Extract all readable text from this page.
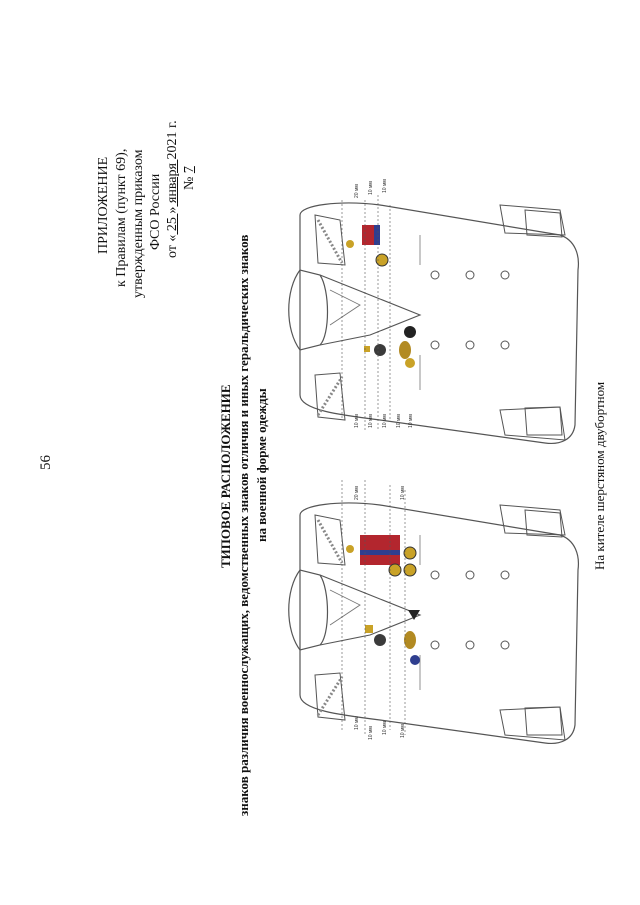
56
ПРИЛОЖЕНИЕ к Правилам (пункт 69), утвержденным приказом ФСО России от « 25 » января 2021 г.
№ 7
ТИПОВОЕ РАСПОЛОЖЕНИЕ знаков различия военнослужащих, ведомственных знаков отличия и иных геральдических знаков на военной форме одежды	На кителе шерстяном двубортном
20 мм 10 мм 10 мм
10 мм 10 мм 10 мм 10 мм 10 мм
20 мм	10 мм
10 мм
10 мм 10 мм 10 мм
